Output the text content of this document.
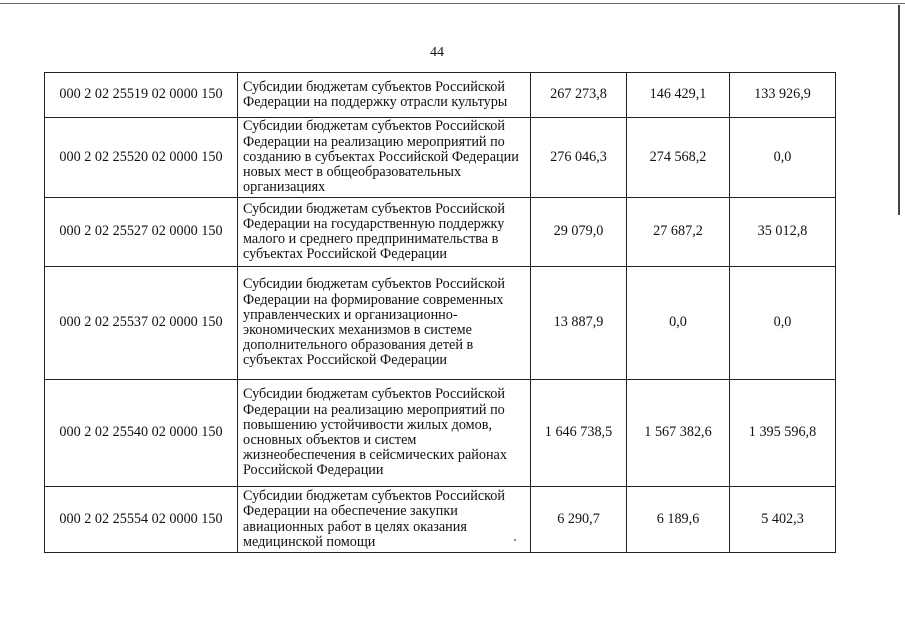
44
000 2 02 25519 02 0000 150	Субсидии бюджетам субъектов Российской Федерации на поддержку отрасли культуры	267 273,8	146 429,1	133 926,9
000 2 02 25520 02 0000 150	Субсидии бюджетам субъектов Российской Федерации на реализацию мероприятий по созданию в субъектах Российской Федерации новых мест в общеобразовательных организациях	276 046,3	274 568,2	0,0
000 2 02 25527 02 0000 150	Субсидии бюджетам субъектов Российской Федерации на государственную поддержку малого и среднего предпринимательства в субъектах Российской Федерации	29 079,0	27 687,2	35 012,8
000 2 02 25537 02 0000 150	Субсидии бюджетам субъектов Российской Федерации на формирование современных управленческих и организационно-экономических механизмов в системе дополнительного образования детей в субъектах Российской Федерации	13 887,9	0,0	0,0
000 2 02 25540 02 0000 150	Субсидии бюджетам субъектов Российской Федерации на реализацию мероприятий по повышению устойчивости жилых домов, основных объектов и систем жизнеобеспечения в сейсмических районах Российской Федерации	1 646 738,5	1 567 382,6	1 395 596,8
000 2 02 25554 02 0000 150	Субсидии бюджетам субъектов Российской Федерации на обеспечение закупки авиационных работ в целях оказания медицинской помощи	6 290,7	6 189,6	5 402,3
